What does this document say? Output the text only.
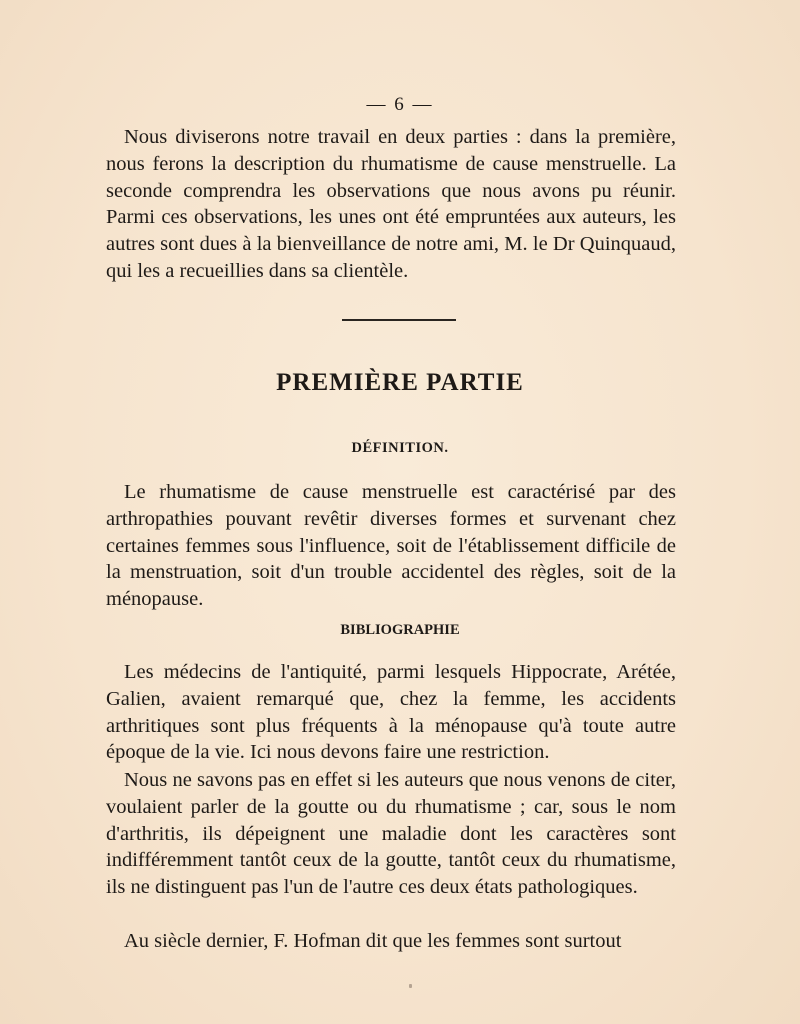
— 6 —
Nous diviserons notre travail en deux parties : dans la première, nous ferons la description du rhumatisme de cause menstruelle. La seconde comprendra les observations que nous avons pu réunir. Parmi ces observations, les unes ont été empruntées aux auteurs, les autres sont dues à la bienveillance de notre ami, M. le Dr Quinquaud, qui les a recueillies dans sa clientèle.
PREMIÈRE PARTIE
DÉFINITION.
Le rhumatisme de cause menstruelle est caractérisé par des arthropathies pouvant revêtir diverses formes et survenant chez certaines femmes sous l'influence, soit de l'établissement difficile de la menstruation, soit d'un trouble accidentel des règles, soit de la ménopause.
BIBLIOGRAPHIE
Les médecins de l'antiquité, parmi lesquels Hippocrate, Arétée, Galien, avaient remarqué que, chez la femme, les accidents arthritiques sont plus fréquents à la ménopause qu'à toute autre époque de la vie. Ici nous devons faire une restriction.
Nous ne savons pas en effet si les auteurs que nous venons de citer, voulaient parler de la goutte ou du rhumatisme ; car, sous le nom d'arthritis, ils dépeignent une maladie dont les caractères sont indifféremment tantôt ceux de la goutte, tantôt ceux du rhumatisme, ils ne distinguent pas l'un de l'autre ces deux états pathologiques.
Au siècle dernier, F. Hofman dit que les femmes sont surtout
